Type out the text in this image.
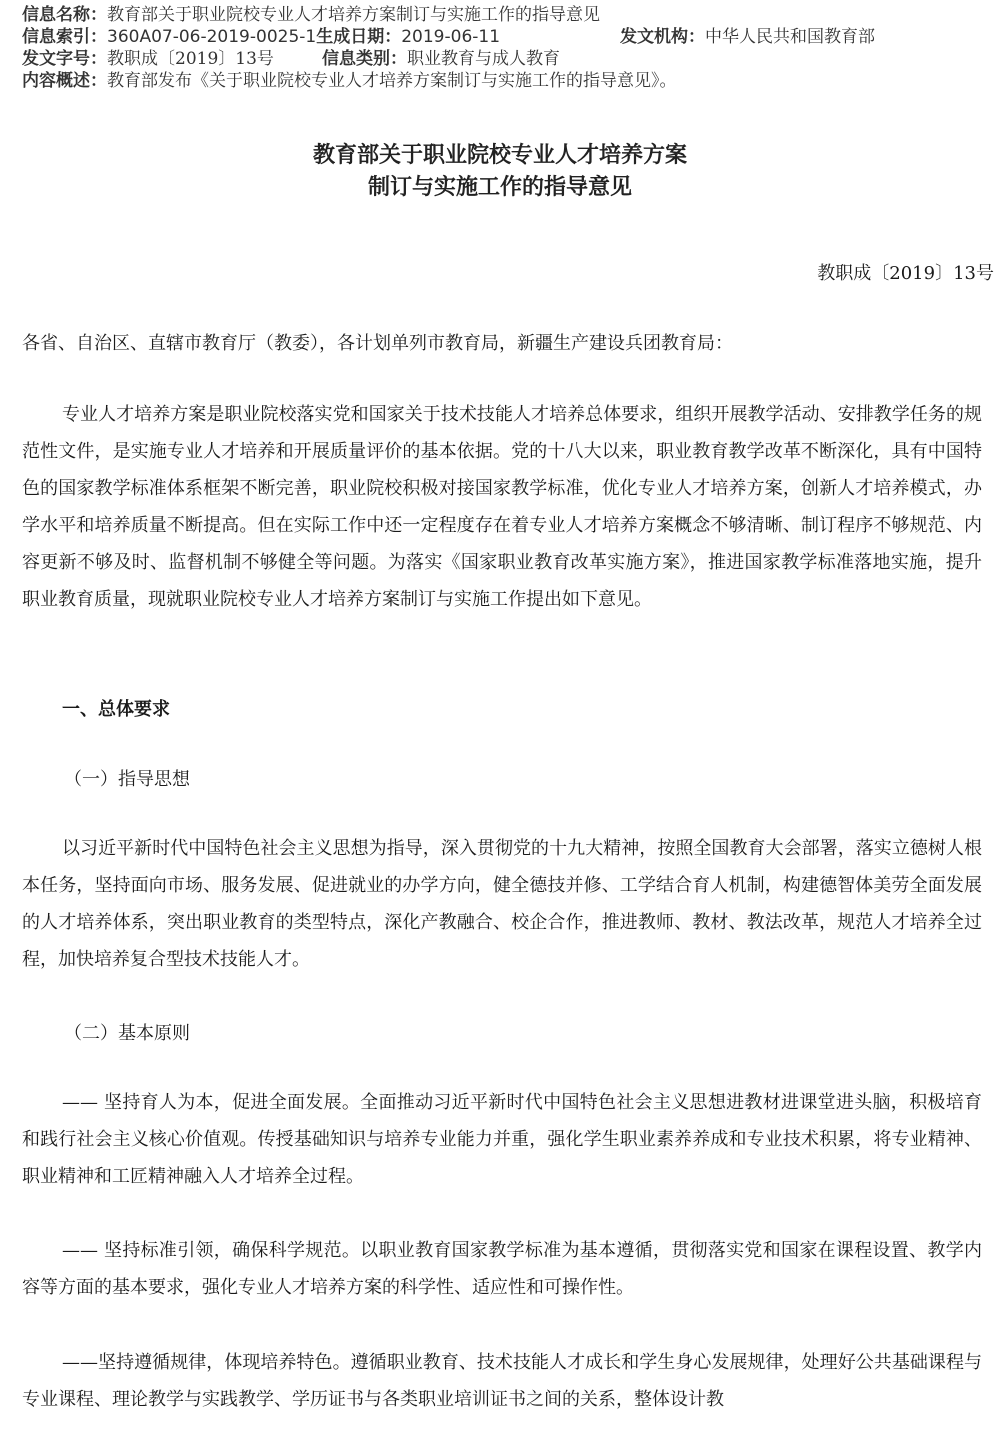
信息名称：教育部关于职业院校专业人才培养方案制订与实施工作的指导意见
信息索引：360A07-06-2019-0025-1生成日期：2019-06-11	发文机构：中华人民共和国教育部
发文字号：教职成〔2019〕13号	信息类别：职业教育与成人教育
内容概述：教育部发布《关于职业院校专业人才培养方案制订与实施工作的指导意见》。
教育部关于职业院校专业人才培养方案
制订与实施工作的指导意见
教职成〔2019〕13号
各省、自治区、直辖市教育厅（教委），各计划单列市教育局，新疆生产建设兵团教育局：

专业人才培养方案是职业院校落实党和国家关于技术技能人才培养总体要求，组织开展教学活动、安排教学任务的规范性文件，是实施专业人才培养和开展质量评价的基本依据。党的十八大以来，职业教育教学改革不断深化，具有中国特色的国家教学标准体系框架不断完善，职业院校积极对接国家教学标准，优化专业人才培养方案，创新人才培养模式，办学水平和培养质量不断提高。但在实际工作中还一定程度存在着专业人才培养方案概念不够清晰、制订程序不够规范、内容更新不够及时、监督机制不够健全等问题。为落实《国家职业教育改革实施方案》，推进国家教学标准落地实施，提升职业教育质量，现就职业院校专业人才培养方案制订与实施工作提出如下意见。

一、总体要求
（一）指导思想

以习近平新时代中国特色社会主义思想为指导，深入贯彻党的十九大精神，按照全国教育大会部署，落实立德树人根本任务，坚持面向市场、服务发展、促进就业的办学方向，健全德技并修、工学结合育人机制，构建德智体美劳全面发展的人才培养体系，突出职业教育的类型特点，深化产教融合、校企合作，推进教师、教材、教法改革，规范人才培养全过程，加快培养复合型技术技能人才。

（二）基本原则

—— 坚持育人为本，促进全面发展。全面推动习近平新时代中国特色社会主义思想进教材进课堂进头脑，积极培育和践行社会主义核心价值观。传授基础知识与培养专业能力并重，强化学生职业素养养成和专业技术积累，将专业精神、职业精神和工匠精神融入人才培养全过程。

—— 坚持标准引领，确保科学规范。以职业教育国家教学标准为基本遵循，贯彻落实党和国家在课程设置、教学内容等方面的基本要求，强化专业人才培养方案的科学性、适应性和可操作性。

——坚持遵循规律，体现培养特色。遵循职业教育、技术技能人才成长和学生身心发展规律，处理好公共基础课程与专业课程、理论教学与实践教学、学历证书与各类职业培训证书之间的关系，整体设计教
